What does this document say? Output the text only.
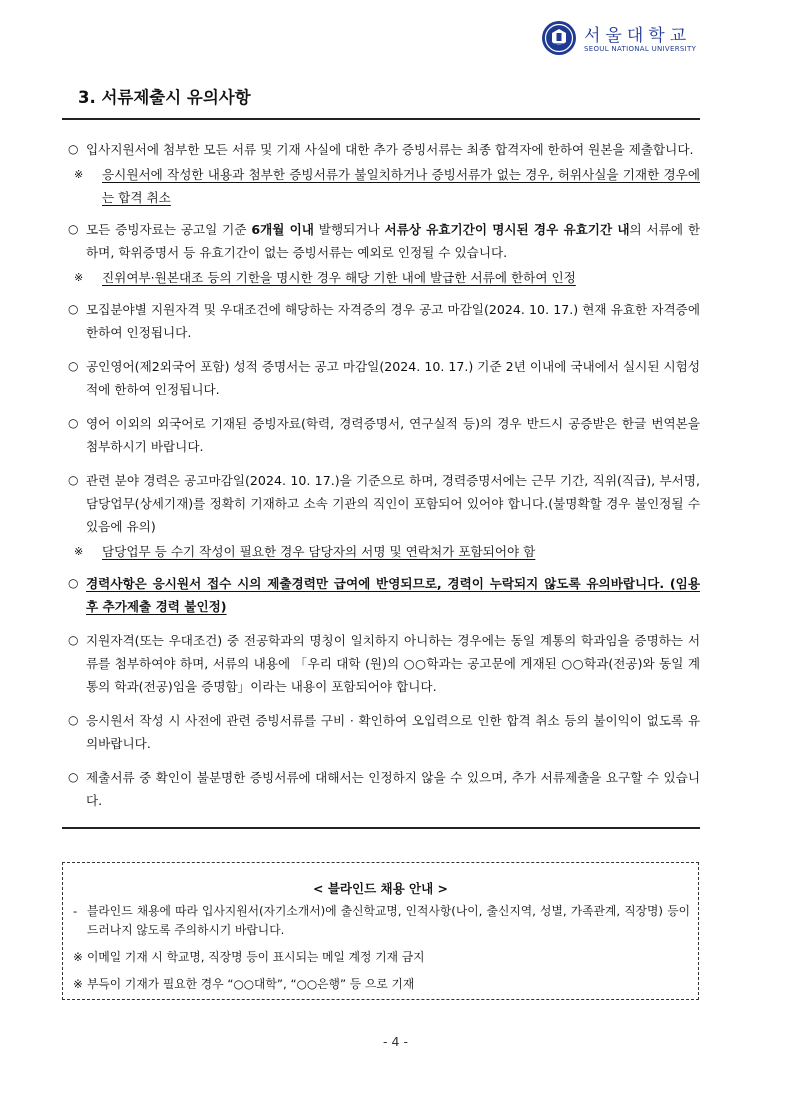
서울대학교
SEOUL NATIONAL UNIVERSITY
3. 서류제출시 유의사항
○ 입사지원서에 첨부한 모든 서류 및 기재 사실에 대한 추가 증빙서류는 최종 합격자에 한하여 원본을 제출합니다.
※ 응시원서에 작성한 내용과 첨부한 증빙서류가 불일치하거나 증빙서류가 없는 경우, 허위사실을 기재한 경우에는 합격 취소
○ 모든 증빙자료는 공고일 기준 6개월 이내 발행되거나 서류상 유효기간이 명시된 경우 유효기간 내의 서류에 한하며, 학위증명서 등 유효기간이 없는 증빙서류는 예외로 인정될 수 있습니다.
※ 진위여부·원본대조 등의 기한을 명시한 경우 해당 기한 내에 발급한 서류에 한하여 인정
○ 모집분야별 지원자격 및 우대조건에 해당하는 자격증의 경우 공고 마감일(2024. 10. 17.) 현재 유효한 자격증에 한하여 인정됩니다.
○ 공인영어(제2외국어 포함) 성적 증명서는 공고 마감일(2024. 10. 17.) 기준 2년 이내에 국내에서 실시된 시험성적에 한하여 인정됩니다.
○ 영어 이외의 외국어로 기재된 증빙자료(학력, 경력증명서, 연구실적 등)의 경우 반드시 공증받은 한글 번역본을 첨부하시기 바랍니다.
○ 관련 분야 경력은 공고마감일(2024. 10. 17.)을 기준으로 하며, 경력증명서에는 근무 기간, 직위(직급), 부서명, 담당업무(상세기재)를 정확히 기재하고 소속 기관의 직인이 포함되어 있어야 합니다.(불명확할 경우 불인정될 수 있음에 유의)
※ 담당업무 등 수기 작성이 필요한 경우 담당자의 서명 및 연락처가 포함되어야 함
○ 경력사항은 응시원서 접수 시의 제출경력만 급여에 반영되므로, 경력이 누락되지 않도록 유의바랍니다. (임용 후 추가제출 경력 불인정)
○ 지원자격(또는 우대조건) 중 전공학과의 명칭이 일치하지 아니하는 경우에는 동일 계통의 학과임을 증명하는 서류를 첨부하여야 하며, 서류의 내용에 「우리 대학 (원)의 ○○학과는 공고문에 게재된 ○○학과(전공)와 동일 계통의 학과(전공)임을 증명함」이라는 내용이 포함되어야 합니다.
○ 응시원서 작성 시 사전에 관련 증빙서류를 구비 · 확인하여 오입력으로 인한 합격 취소 등의 불이익이 없도록 유의바랍니다.
○ 제출서류 중 확인이 불분명한 증빙서류에 대해서는 인정하지 않을 수 있으며, 추가 서류제출을 요구할 수 있습니다.
< 블라인드 채용 안내 >
- 블라인드 채용에 따라 입사지원서(자기소개서)에 출신학교명, 인적사항(나이, 출신지역, 성별, 가족관계, 직장명) 등이 드러나지 않도록 주의하시기 바랍니다.
※ 이메일 기재 시 학교명, 직장명 등이 표시되는 메일 계정 기재 금지
※ 부득이 기재가 필요한 경우 “○○대학”, “○○은행” 등 으로 기재
- 4 -
